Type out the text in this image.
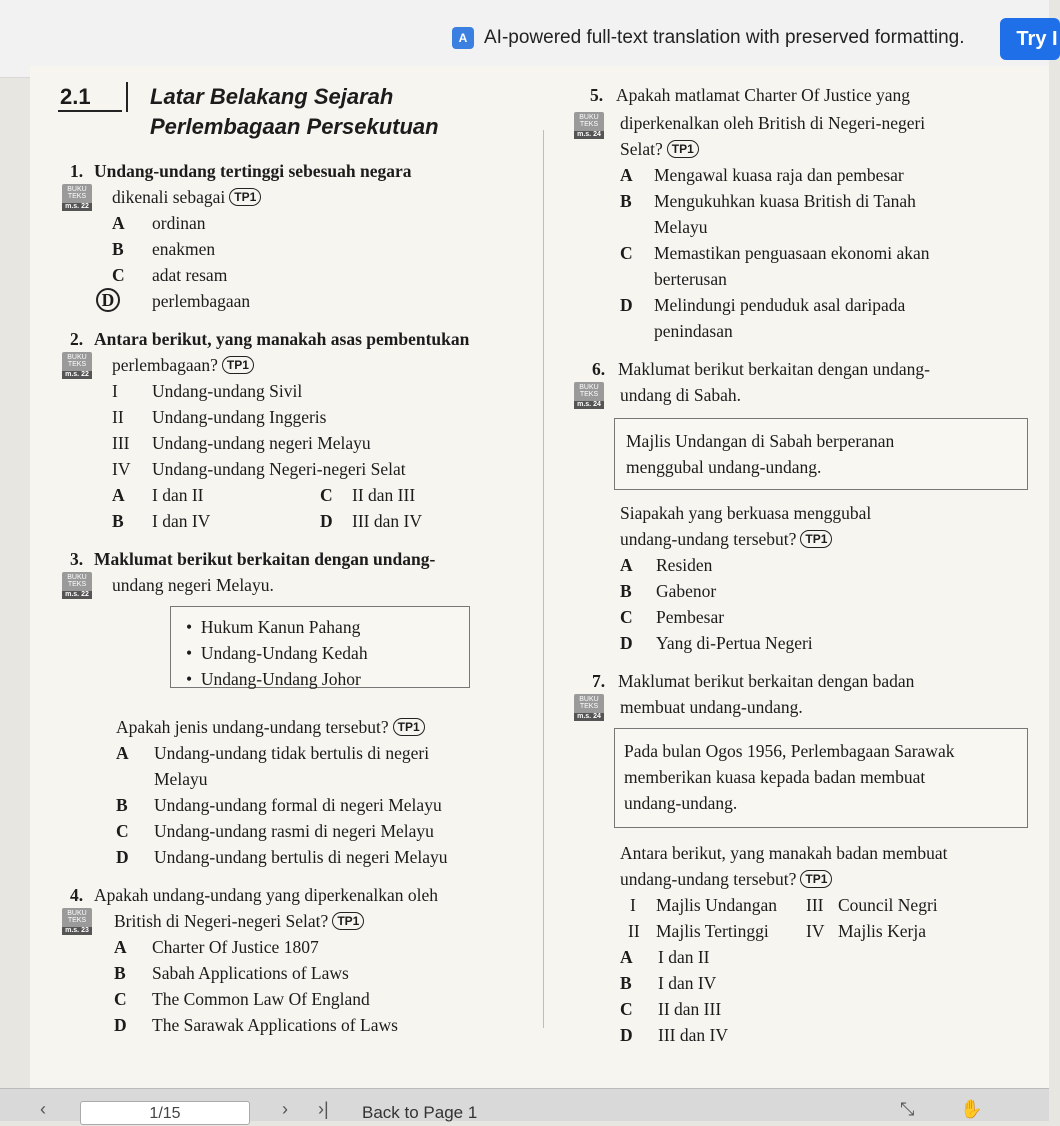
A AI-powered full-text translation with preserved formatting.	Try I
2.1	Latar Belakang Sejarah
Perlembagaan Persekutuan
1. Undang-undang tertinggi sebesuah negara
BUKU TEKS
m.s. 22 dikenali sebagai TP1
A ordinan
B enakmen
C adat resam
D	perlembagaan
2. Antara berikut, yang manakah asas pembentukan
BUKU TEKS
m.s. 22 perlembagaan? TP1
I Undang-undang Sivil
II Undang-undang Inggeris
III Undang-undang negeri Melayu
IV Undang-undang Negeri-negeri Selat
A I dan II	C II dan III
B I dan IV	D III dan IV
3. Maklumat berikut berkaitan dengan undang-
BUKU TEKS
m.s. 22 undang negeri Melayu.
•  Hukum Kanun Pahang
•  Undang-Undang Kedah
•  Undang-Undang Johor
Apakah jenis undang-undang tersebut? TP1
A Undang-undang tidak bertulis di negeri
Melayu
B Undang-undang formal di negeri Melayu
C Undang-undang rasmi di negeri Melayu
D Undang-undang bertulis di negeri Melayu
4. Apakah undang-undang yang diperkenalkan oleh
BUKU TEKS
m.s. 23 British di Negeri-negeri Selat? TP1
A Charter Of Justice 1807
B Sabah Applications of Laws
C The Common Law Of England
D The Sarawak Applications of Laws
5. Apakah matlamat Charter Of Justice yang
BUKU TEKS
m.s. 24
diperkenalkan oleh British di Negeri-negeri
Selat? TP1
A Mengawal kuasa raja dan pembesar
B Mengukuhkan kuasa British di Tanah
Melayu
C Memastikan penguasaan ekonomi akan
berterusan
D Melindungi penduduk asal daripada
penindasan
6. Maklumat berikut berkaitan dengan undang-
BUKU TEKS
m.s. 24 undang di Sabah.
Majlis Undangan di Sabah berperanan
menggubal undang-undang.
Siapakah yang berkuasa menggubal
undang-undang tersebut? TP1
A Residen
B Gabenor
C Pembesar
D Yang di-Pertua Negeri
7. Maklumat berikut berkaitan dengan badan
BUKU TEKS
m.s. 24 membuat undang-undang.
Pada bulan Ogos 1956, Perlembagaan Sarawak
memberikan kuasa kepada badan membuat
undang-undang.
Antara berikut, yang manakah badan membuat
undang-undang tersebut? TP1
I Majlis Undangan III Council Negri
II Majlis Tertinggi IV Majlis Kerja
A I dan II
B I dan IV
C II dan III
D III dan IV
‹	1/15	› ›| Back to Page 1	⤡	✋
